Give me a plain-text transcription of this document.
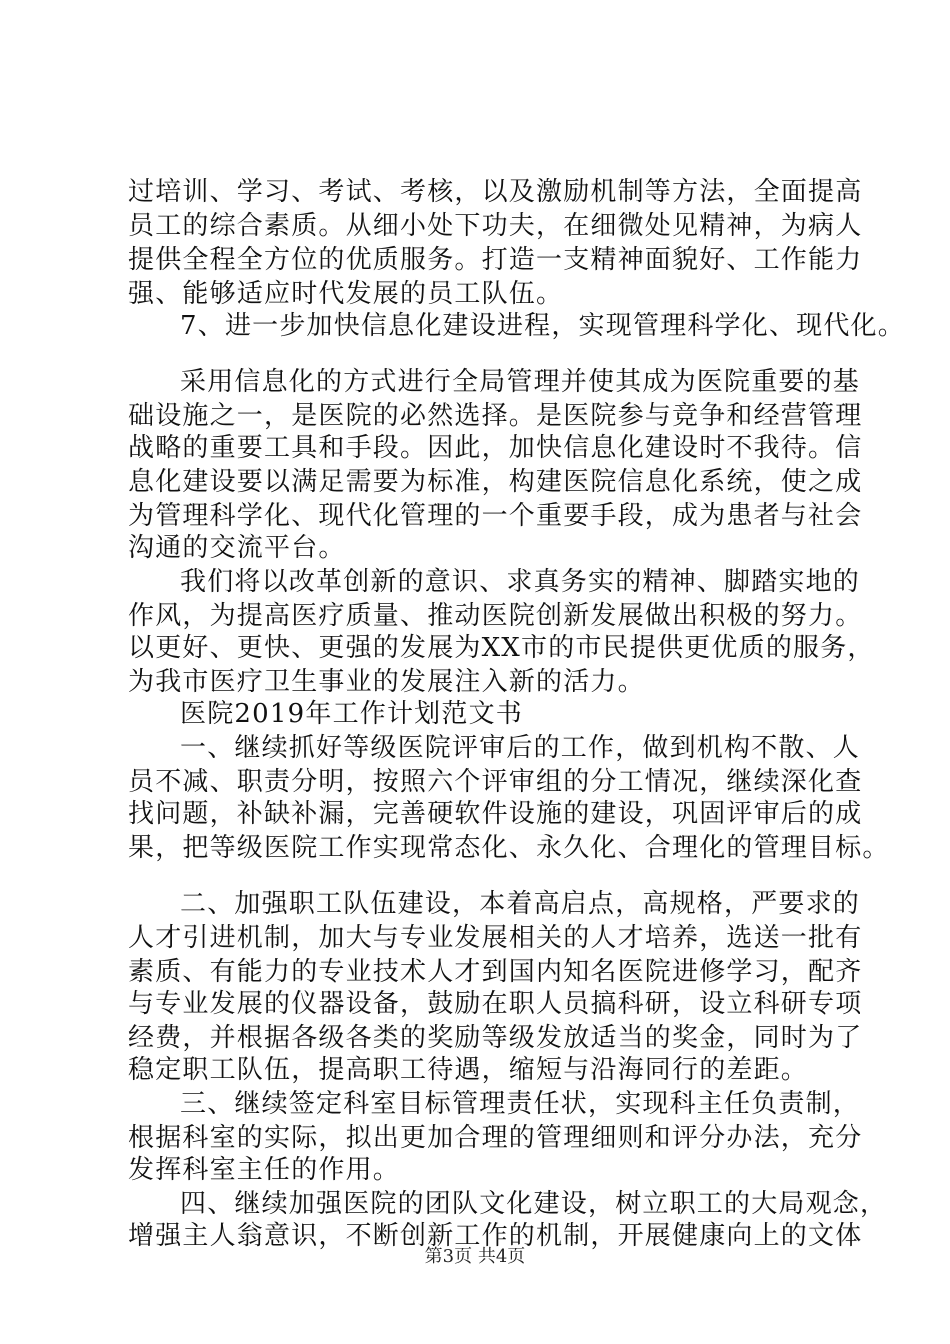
过培训、学习、考试、考核，以及激励机制等方法，全面提高
员工的综合素质。从细小处下功夫，在细微处见精神，为病人
提供全程全方位的优质服务。打造一支精神面貌好、工作能力
强、能够适应时代发展的员工队伍。
7、进一步加快信息化建设进程，实现管理科学化、现代化。
采用信息化的方式进行全局管理并使其成为医院重要的基
础设施之一，是医院的必然选择。是医院参与竞争和经营管理
战略的重要工具和手段。因此，加快信息化建设时不我待。信
息化建设要以满足需要为标准，构建医院信息化系统，使之成
为管理科学化、现代化管理的一个重要手段，成为患者与社会
沟通的交流平台。
我们将以改革创新的意识、求真务实的精神、脚踏实地的
作风，为提高医疗质量、推动医院创新发展做出积极的努力。
以更好、更快、更强的发展为XX市的市民提供更优质的服务，
为我市医疗卫生事业的发展注入新的活力。
医院2019年工作计划范文书
一、继续抓好等级医院评审后的工作，做到机构不散、人
员不减、职责分明，按照六个评审组的分工情况，继续深化查
找问题，补缺补漏，完善硬软件设施的建设，巩固评审后的成
果，把等级医院工作实现常态化、永久化、合理化的管理目标。
二、加强职工队伍建设，本着高启点，高规格，严要求的
人才引进机制，加大与专业发展相关的人才培养，选送一批有
素质、有能力的专业技术人才到国内知名医院进修学习，配齐
与专业发展的仪器设备，鼓励在职人员搞科研，设立科研专项
经费，并根据各级各类的奖励等级发放适当的奖金，同时为了
稳定职工队伍，提高职工待遇，缩短与沿海同行的差距。
三、继续签定科室目标管理责任状，实现科主任负责制，
根据科室的实际，拟出更加合理的管理细则和评分办法，充分
发挥科室主任的作用。
四、继续加强医院的团队文化建设，树立职工的大局观念，
增强主人翁意识，不断创新工作的机制，开展健康向上的文体
第3页 共4页
